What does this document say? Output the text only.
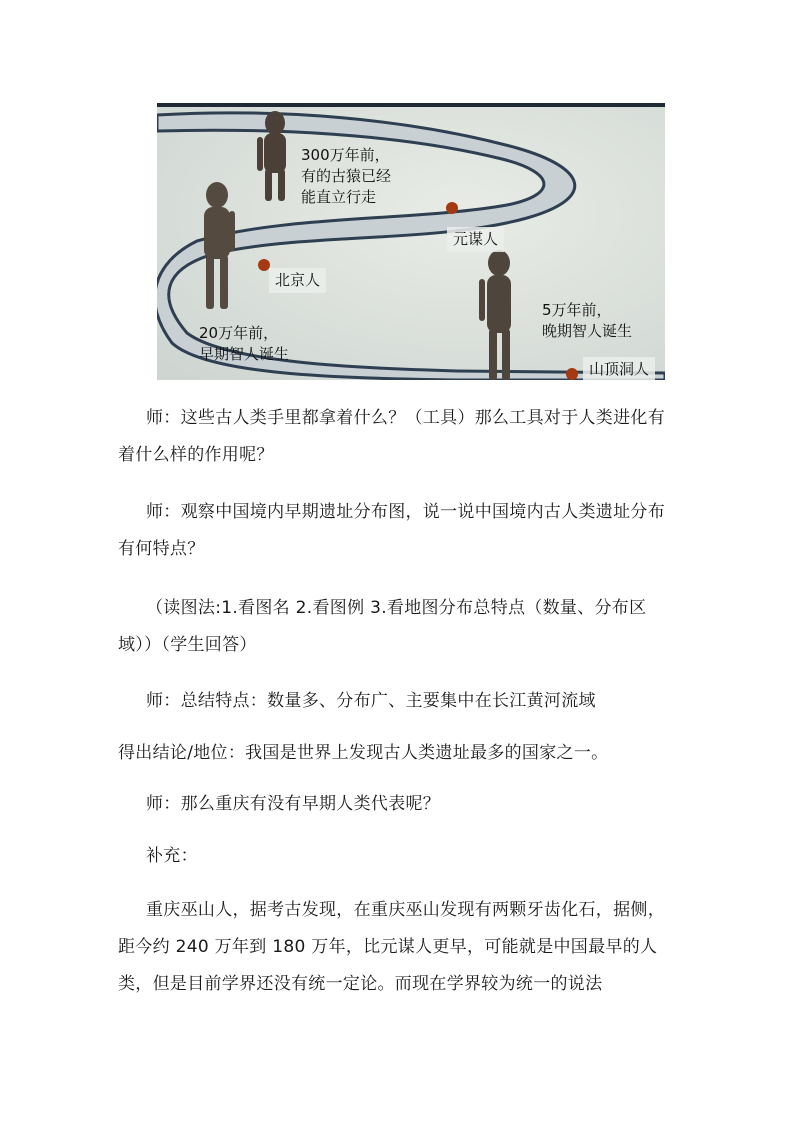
300万年前，
有的古猿已经
能直立行走
元谋人
北京人
5万年前，
晚期智人诞生
20万年前，
早期智人诞生
山顶洞人

师：这些古人类手里都拿着什么？（工具）那么工具对于人类进化有着什么样的作用呢？

师：观察中国境内早期遗址分布图，说一说中国境内古人类遗址分布有何特点？

（读图法:1.看图名 2.看图例 3.看地图分布总特点（数量、分布区域））（学生回答）

师：总结特点：数量多、分布广、主要集中在长江黄河流域

得出结论/地位：我国是世界上发现古人类遗址最多的国家之一。

师：那么重庆有没有早期人类代表呢？

补充：

重庆巫山人，据考古发现，在重庆巫山发现有两颗牙齿化石，据侧，距今约 240 万年到 180 万年，比元谋人更早，可能就是中国最早的人类，但是目前学界还没有统一定论。而现在学界较为统一的说法
